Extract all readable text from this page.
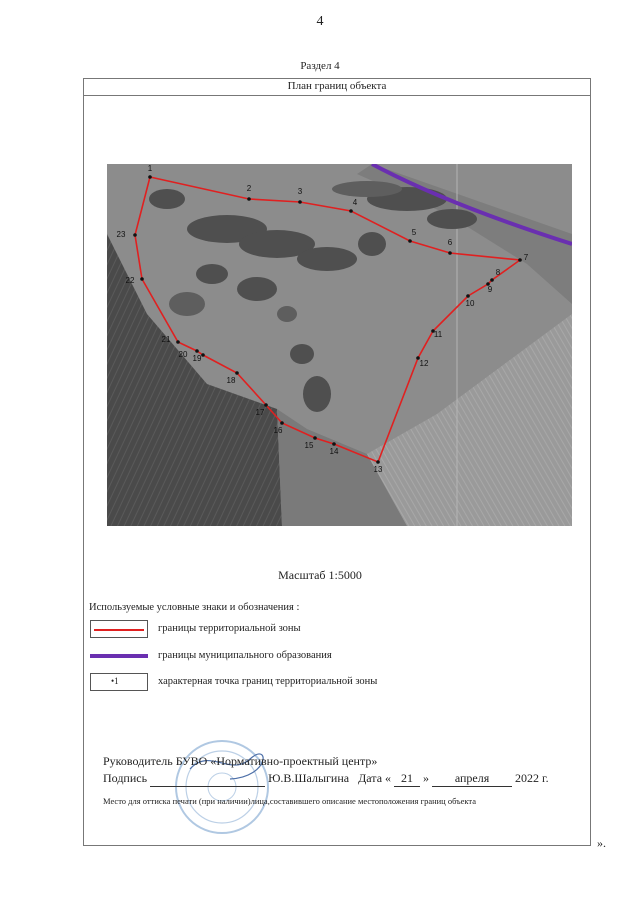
4
Раздел 4
План границ объекта
1
2	3
4
5
6
7
8
9
10
11
12
13
14
15
16
17
18
19
20
21
22
23
Масштаб 1:5000
Используемые условные знаки и обозначения :
границы территориальной зоны
границы муниципального образования
•1	характерная точка границ территориальной зоны
Руководитель БУВО «Нормативно-проектный центр»
Подпись	Ю.В.Шалыгина Дата « 21 » апреля 2022 г.
Место для оттиска печати (при наличии)лица,составившего описание местоположения границ объекта
».
